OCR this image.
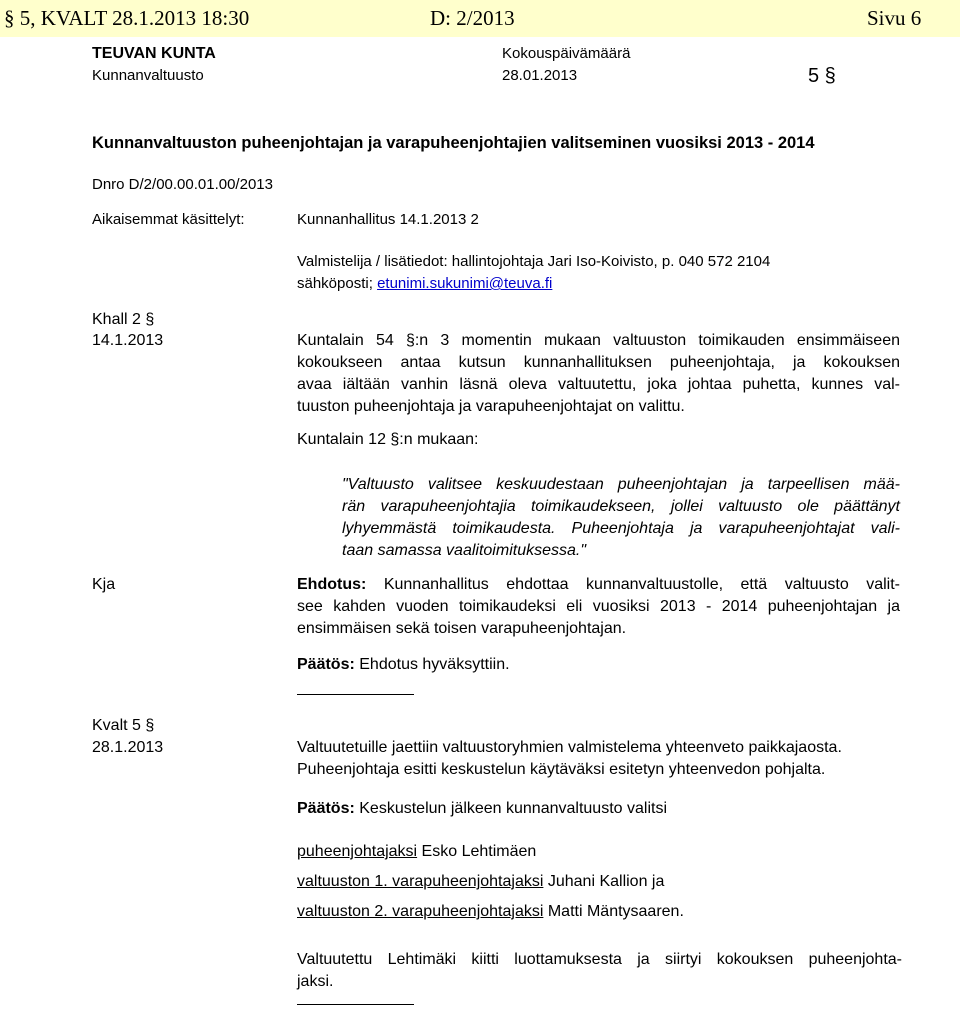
§ 5, KVALT 28.1.2013 18:30	D: 2/2013	Sivu 6
TEUVAN KUNTA
Kunnanvaltuusto
Kokouspäivämäärä
28.01.2013	5 §
Kunnanvaltuuston puheenjohtajan ja varapuheenjohtajien valitseminen vuosiksi 2013 - 2014
Dnro D/2/00.00.01.00/2013
Aikaisemmat käsittelyt:	Kunnanhallitus 14.1.2013 2
Valmistelija / lisätiedot: hallintojohtaja Jari Iso-Koivisto, p. 040 572 2104
sähköposti; etunimi.sukunimi@teuva.fi
Khall 2 §
14.1.2013	Kuntalain 54 §:n 3 momentin mukaan valtuuston toimikauden ensimmäiseen
kokoukseen antaa kutsun kunnanhallituksen puheenjohtaja, ja kokouksen
avaa iältään vanhin läsnä oleva valtuutettu, joka johtaa puhetta, kunnes val-
tuuston puheenjohtaja ja varapuheenjohtajat on valittu.
Kuntalain 12 §:n mukaan:
"Valtuusto valitsee keskuudestaan puheenjohtajan ja tarpeellisen mää-
rän varapuheenjohtajia toimikaudekseen, jollei valtuusto ole päättänyt
lyhyemmästä toimikaudesta. Puheenjohtaja ja varapuheenjohtajat vali-
taan samassa vaalitoimituksessa."
Kja	Ehdotus: Kunnanhallitus ehdottaa kunnanvaltuustolle, että valtuusto valit-
see kahden vuoden toimikaudeksi eli vuosiksi 2013 - 2014 puheenjohtajan ja
ensimmäisen sekä toisen varapuheenjohtajan.
Päätös: Ehdotus hyväksyttiin.
Kvalt 5 §
28.1.2013	Valtuutetuille jaettiin valtuustoryhmien valmistelema yhteenveto paikkajaosta.
Puheenjohtaja esitti keskustelun käytäväksi esitetyn yhteenvedon pohjalta.
Päätös: Keskustelun jälkeen kunnanvaltuusto valitsi
puheenjohtajaksi Esko Lehtimäen
valtuuston 1. varapuheenjohtajaksi Juhani Kallion ja
valtuuston 2. varapuheenjohtajaksi Matti Mäntysaaren.
Valtuutettu Lehtimäki kiitti luottamuksesta ja siirtyi kokouksen puheenjohta-
jaksi.
